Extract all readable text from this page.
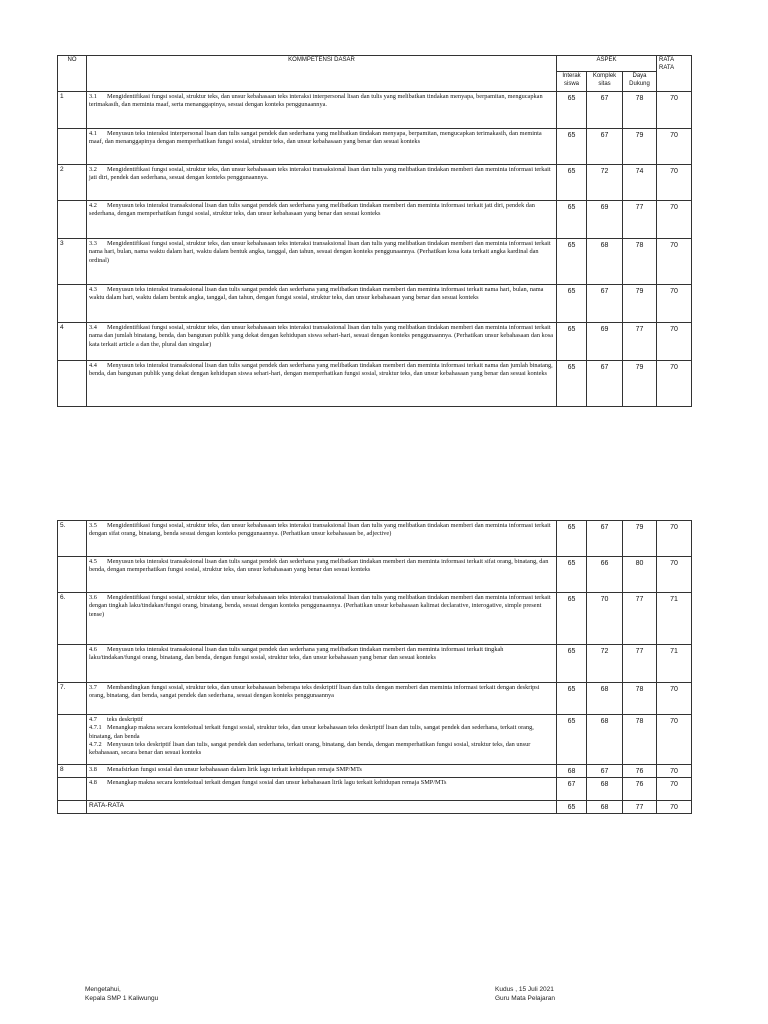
NO	KOMMPETENSI DASAR	ASPEK			RATA RATA
		Interak siswa	Komplek sitas	Daya Dukung	
1	3.1 Mengidentifikasi fungsi sosial, struktur teks, dan unsur kebahasaan teks interaksi interpersonal lisan dan tulis yang melibatkan tindakan menyapa, berpamitan, mengucapkan terimakasih, dan meminta maaf, serta menanggapinya, sesuai dengan konteks penggunaannya.	65	67	78	70
	4.1 Menyusun teks interaksi interpersonal lisan dan tulis sangat pendek dan sederhana yang melibatkan tindakan menyapa, berpamitan, mengucapkan terimakasih, dan meminta maaf, dan menanggapinya dengan memperhatikan fungsi sosial, struktur teks, dan unsur kebahasaan yang benar dan sesuai konteks	65	67	79	70
2	3.2 Mengidentifikasi fungsi sosial, struktur teks, dan unsur kebahasaan teks interaksi transaksional lisan dan tulis yang melibatkan tindakan memberi dan meminta informasi terkait jati diri, pendek dan sederhana, sesuai dengan konteks penggunaannya.	65	72	74	70
	4.2 Menyusun teks interaksi transaksional lisan dan tulis sangat pendek dan sederhana yang melibatkan tindakan memberi dan meminta informasi terkait jati diri, pendek dan sederhana, dengan memperhatikan fungsi sosial, struktur teks, dan unsur kebahasaan yang benar dan sesuai konteks	65	69	77	70
3	3.3 Mengidentifikasi fungsi sosial, struktur teks, dan unsur kebahasaan teks interaksi transaksional lisan dan tulis yang melibatkan tindakan memberi dan meminta informasi terkait nama hari, bulan, nama waktu dalam hari, waktu dalam bentuk angka, tanggal, dan tahun, sesuai dengan konteks penggunaannya. (Perhatikan kosa kata terkait angka kardinal dan ordinal)	65	68	78	70
	4.3 Menyusun teks interaksi transaksional lisan dan tulis sangat pendek dan sederhana yang melibatkan tindakan memberi dan meminta informasi terkait nama hari, bulan, nama waktu dalam hari, waktu dalam bentuk angka, tanggal, dan tahun, dengan fungsi sosial, struktur teks, dan unsur kebahasaan yang benar dan sesuai konteks	65	67	79	70
4	3.4 Mengidentifikasi fungsi sosial, struktur teks, dan unsur kebahasaan teks interaksi transaksional lisan dan tulis yang melibatkan tindakan memberi dan meminta informasi terkait nama dan jumlah binatang, benda, dan bangunan publik yang dekat dengan kehidupan siswa sehari-hari, sesuai dengan konteks penggunaannya. (Perhatikan unsur kebahasaan dan kosa kata terkait article a dan the, plural dan singular)	65	69	77	70
	4.4 Menyusun teks interaksi transaksional lisan dan tulis sangat pendek dan sederhana yang melibatkan tindakan memberi dan meminta informasi terkait nama dan jumlah binatang, benda, dan bangunan publik yang dekat dengan kehidupan siswa sehari-hari, dengan memperhatikan fungsi sosial, struktur teks, dan unsur kebahasaan yang benar dan sesuai konteks	65	67	79	70
5.	3.5 Mengidentifikasi fungsi sosial, struktur teks, dan unsur kebahasaan teks interaksi transaksional lisan dan tulis yang melibatkan tindakan memberi dan meminta informasi terkait dengan sifat orang, binatang, benda sesuai dengan konteks penggunaannya. (Perhatikan unsur kebahasaan be, adjective)	65	67	79	70
	4.5 Menyusun teks interaksi transaksional lisan dan tulis sangat pendek dan sederhana yang melibatkan tindakan memberi dan meminta informasi terkait sifat orang, binatang, dan benda, dengan memperhatikan fungsi sosial, struktur teks, dan unsur kebahasaan yang benar dan sesuai konteks	65	66	80	70
6.	3.6 Mengidentifikasi fungsi sosial, struktur teks, dan unsur kebahasaan teks interaksi transaksional lisan dan tulis yang melibatkan tindakan memberi dan meminta informasi terkait dengan tingkah laku/tindakan/fungsi orang, binatang, benda, sesuai dengan konteks penggunaannya. (Perhatikan unsur kebahasaan kalimat declarative, interogative, simple present tense)	65	70	77	71
	4.6 Menyusun teks interaksi transaksional lisan dan tulis sangat pendek dan sederhana yang melibatkan tindakan memberi dan meminta informasi terkait tingkah laku/tindakan/fungsi orang, binatang, dan benda, dengan fungsi sosial, struktur teks, dan unsur kebahasaan yang benar dan sesuai konteks	65	72	77	71
7.	3.7 Membandingkan fungsi sosial, struktur teks, dan unsur kebahasaan beberapa teks deskriptif lisan dan tulis dengan memberi dan meminta informasi terkait dengan deskripsi orang, binatang, dan benda, sangat pendek dan sederhana, sesuai dengan konteks penggunaannya	65	68	78	70
	4.7 teks deskriptif
4.7.1 Menangkap makna secara kontekstual terkait fungsi sosial, struktur teks, dan unsur kebahasaan teks deskriptif lisan dan tulis, sangat pendek dan sederhana, terkait orang, binatang, dan benda
4.7.2 Menyusun teks deskriptif lisan dan tulis, sangat pendek dan sederhana, terkait orang, binatang, dan benda, dengan memperhatikan fungsi sosial, struktur teks, dan unsur kebahasaan, secara benar dan sesuai konteks	65	68	78	70
8	3.8 Menafsirkan fungsi sosial dan unsur kebahasaan dalam lirik lagu terkait kehidupan remaja SMP/MTs	68	67	76	70
	4.8 Menangkap makna secara kontekstual terkait dengan fungsi sosial dan unsur kebahasaan lirik lagu terkait kehidupan remaja SMP/MTs	67	68	76	70
	RATA-RATA	65	68	77	70
Mengetahui,
Kepala SMP 1 Kaliwungu
Kudus , 15 Juli 2021
Guru Mata Pelajaran
